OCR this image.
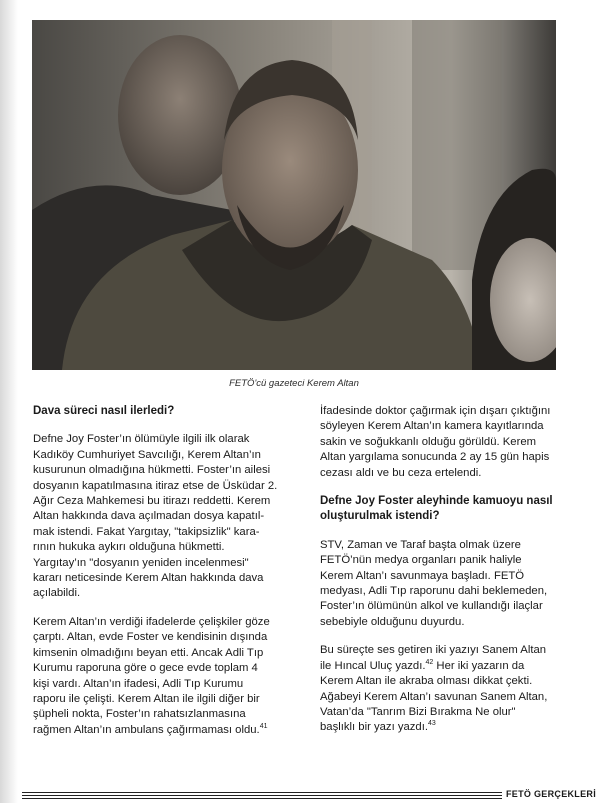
FETÖ'cü gazeteci Kerem Altan
Dava süreci nasıl ilerledi?

Defne Joy Foster’ın ölümüyle ilgili ilk olarak
Kadıköy Cumhuriyet Savcılığı, Kerem Altan’ın
kusurunun olmadığına hükmetti. Foster’ın ailesi
dosyanın kapatılmasına itiraz etse de Üsküdar 2.
Ağır Ceza Mahkemesi bu itirazı reddetti. Kerem
Altan hakkında dava açılmadan dosya kapatıl-
mak istendi. Fakat Yargıtay, "takipsizlik" kara-
rının hukuka aykırı olduğuna hükmetti.
Yargıtay’ın "dosyanın yeniden incelenmesi"
kararı neticesinde Kerem Altan hakkında dava
açılabildi.

Kerem Altan’ın verdiği ifadelerde çelişkiler göze
çarptı. Altan, evde Foster ve kendisinin dışında
kimsenin olmadığını beyan etti. Ancak Adli Tıp
Kurumu raporuna göre o gece evde toplam 4
kişi vardı. Altan’ın ifadesi, Adli Tıp Kurumu
raporu ile çelişti. Kerem Altan ile ilgili diğer bir
şüpheli nokta, Foster’ın rahatsızlanmasına
rağmen Altan’ın ambulans çağırmaması oldu.$^{41}$

İfadesinde doktor çağırmak için dışarı çıktığını
söyleyen Kerem Altan’ın kamera kayıtlarında
sakin ve soğukkanlı olduğu görüldü. Kerem
Altan yargılama sonucunda 2 ay 15 gün hapis
cezası aldı ve bu ceza ertelendi.

Defne Joy Foster aleyhinde kamuoyu nasıl
oluşturulmak istendi?

STV, Zaman ve Taraf başta olmak üzere
FETÖ’nün medya organları panik haliyle
Kerem Altan’ı savunmaya başladı. FETÖ
medyası, Adli Tıp raporunu dahi beklemeden,
Foster’ın ölümünün alkol ve kullandığı ilaçlar
sebebiyle olduğunu duyurdu.

Bu süreçte ses getiren iki yazıyı Sanem Altan
ile Hıncal Uluç yazdı.$^{42}$ Her iki yazarın da
Kerem Altan ile akraba olması dikkat çekti.
Ağabeyi Kerem Altan’ı savunan Sanem Altan,
Vatan’da "Tanrım Bizi Bırakma Ne olur"
başlıklı bir yazı yazdı.$^{43}$

FETÖ GERÇEKLERİ
